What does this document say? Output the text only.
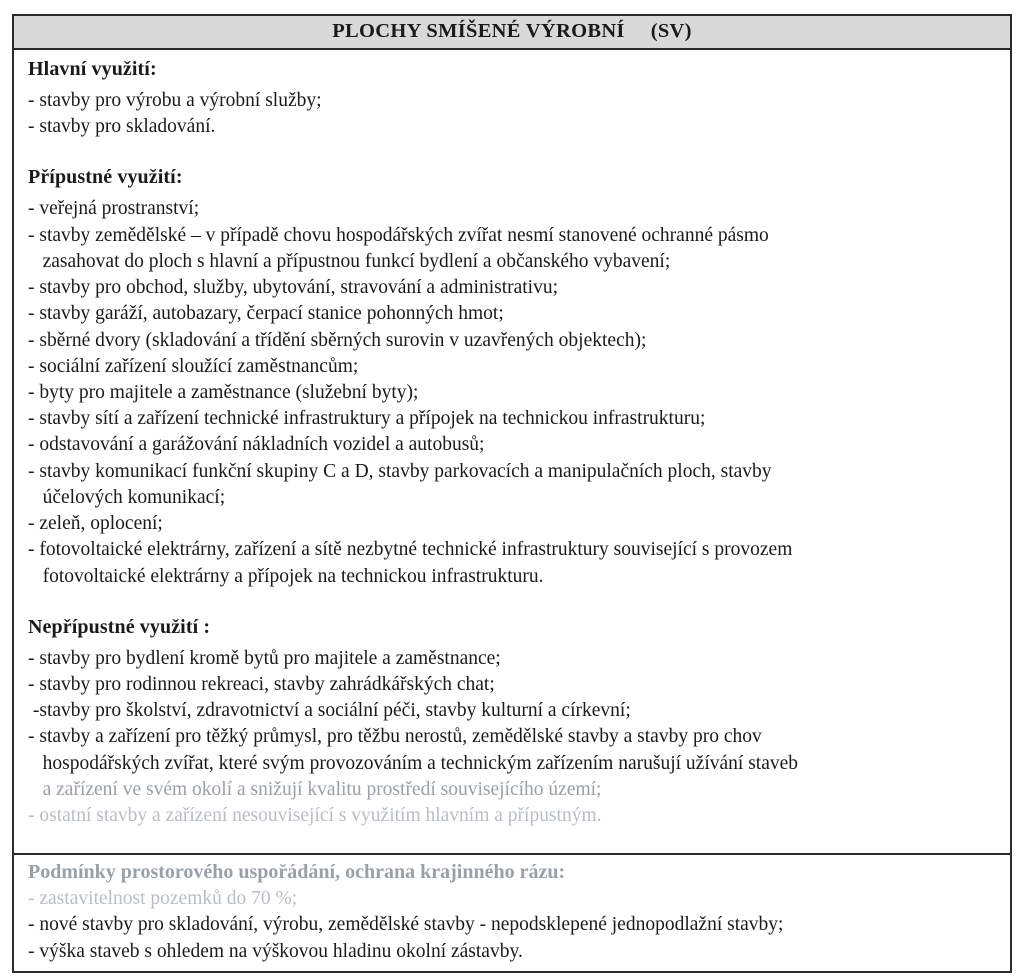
PLOCHY SMÍŠENÉ VÝROBNÍ (SV)
Hlavní využití:

- stavby pro výrobu a výrobní služby;

- stavby pro skladování.

Přípustné využití:

- veřejná prostranství;

- stavby zemědělské – v případě chovu hospodářských zvířat nesmí stanovené ochranné pásmo

zasahovat do ploch s hlavní a přípustnou funkcí bydlení a občanského vybavení;

- stavby pro obchod, služby, ubytování, stravování a administrativu;

- stavby garáží, autobazary, čerpací stanice pohonných hmot;

- sběrné dvory (skladování a třídění sběrných surovin v uzavřených objektech);

- sociální zařízení sloužící zaměstnancům;

- byty pro majitele a zaměstnance (služební byty);

- stavby sítí a zařízení technické infrastruktury a přípojek na technickou infrastrukturu;

- odstavování a garážování nákladních vozidel a autobusů;

- stavby komunikací funkční skupiny C a D, stavby parkovacích a manipulačních ploch, stavby

účelových komunikací;

- zeleň, oplocení;

- fotovoltaické elektrárny, zařízení a sítě nezbytné technické infrastruktury související s provozem

fotovoltaické elektrárny a přípojek na technickou infrastrukturu.

Nepřípustné využití :

- stavby pro bydlení kromě bytů pro majitele a zaměstnance;

- stavby pro rodinnou rekreaci, stavby zahrádkářských chat;

-stavby pro školství, zdravotnictví a sociální péči, stavby kulturní a církevní;

- stavby a zařízení pro těžký průmysl, pro těžbu nerostů, zemědělské stavby a stavby pro chov

hospodářských zvířat, které svým provozováním a technickým zařízením narušují užívání staveb

a zařízení ve svém okolí a snižují kvalitu prostředí souvisejícího území;

- ostatní stavby a zařízení nesouvisející s využitím hlavním a přípustným.

Podmínky prostorového uspořádání, ochrana krajinného rázu:

- zastavitelnost pozemků do 70 %;

- nové stavby pro skladování, výrobu, zemědělské stavby - nepodsklepené jednopodlažní stavby;

- výška staveb s ohledem na výškovou hladinu okolní zástavby.
